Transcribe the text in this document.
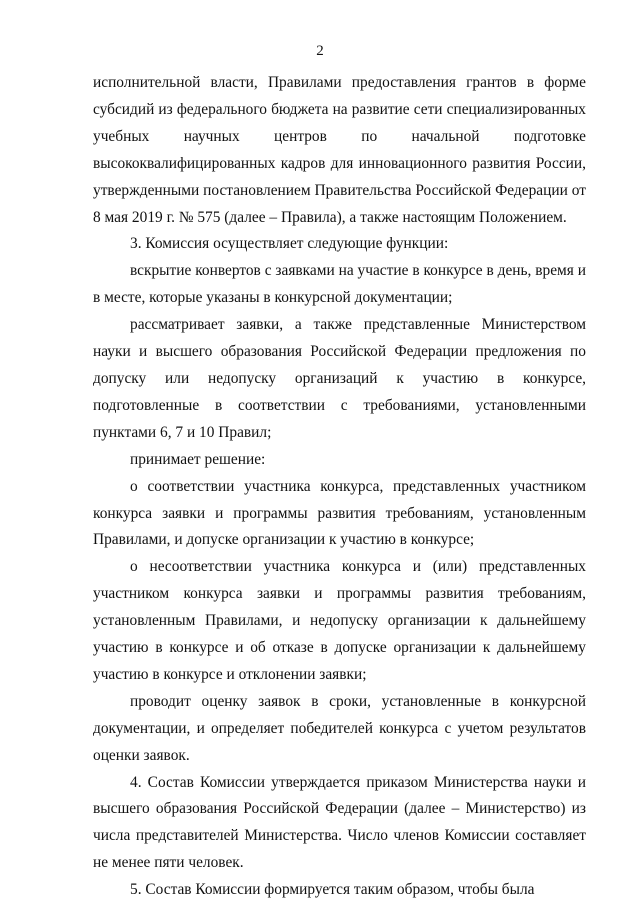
2

исполнительной власти, Правилами предоставления грантов в форме субсидий из федерального бюджета на развитие сети специализированных учебных научных центров по начальной подготовке высококвалифицированных кадров для инновационного развития России, утвержденными постановлением Правительства Российской Федерации от 8 мая 2019 г. № 575 (далее – Правила), а также настоящим Положением.

3. Комиссия осуществляет следующие функции:

вскрытие конвертов с заявками на участие в конкурсе в день, время и в месте, которые указаны в конкурсной документации;

рассматривает заявки, а также представленные Министерством науки и высшего образования Российской Федерации предложения по допуску или недопуску организаций к участию в конкурсе, подготовленные в соответствии с требованиями, установленными пунктами 6, 7 и 10 Правил;

принимает решение:

о соответствии участника конкурса, представленных участником конкурса заявки и программы развития требованиям, установленным Правилами, и допуске организации к участию в конкурсе;

о несоответствии участника конкурса и (или) представленных участником конкурса заявки и программы развития требованиям, установленным Правилами, и недопуску организации к дальнейшему участию в конкурсе и об отказе в допуске организации к дальнейшему участию в конкурсе и отклонении заявки;

проводит оценку заявок в сроки, установленные в конкурсной документации, и определяет победителей конкурса с учетом результатов оценки заявок.

4. Состав Комиссии утверждается приказом Министерства науки и высшего образования Российской Федерации (далее – Министерство) из числа представителей Министерства. Число членов Комиссии составляет не менее пяти человек.

5. Состав Комиссии формируется таким образом, чтобы была
